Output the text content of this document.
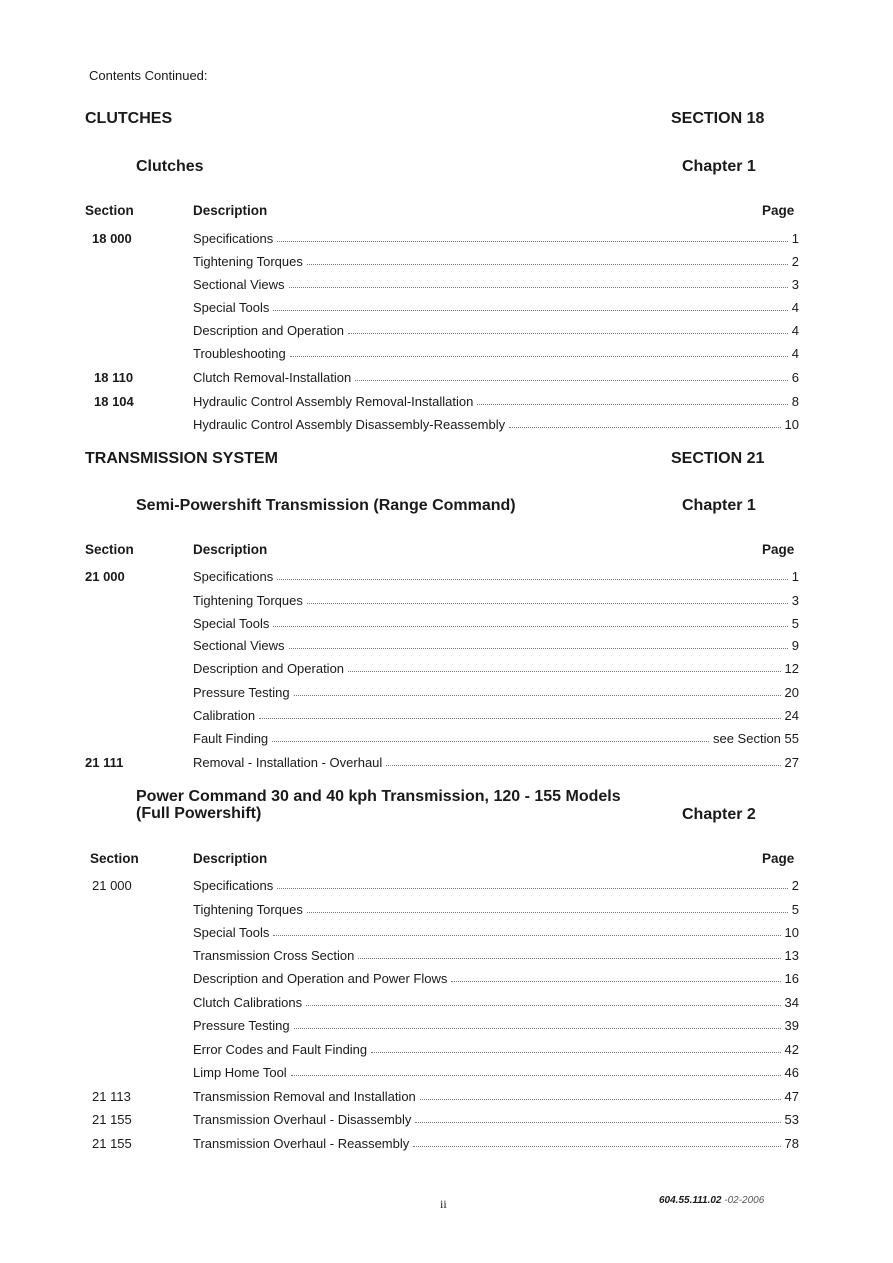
Contents Continued:
CLUTCHES	SECTION 18
Clutches	Chapter 1
Section	Description	Page
18 000	Specifications	1
Tightening Torques	2
Sectional Views	3
Special Tools	4
Description and Operation	4
Troubleshooting	4
18 110	Clutch Removal-Installation	6
18 104	Hydraulic Control Assembly Removal-Installation	8
Hydraulic Control Assembly Disassembly-Reassembly	10
TRANSMISSION SYSTEM	SECTION 21
Semi-Powershift Transmission (Range Command)	Chapter 1
Section	Description	Page
21 000	Specifications	1
Tightening Torques	3
Special Tools	5
Sectional Views	9
Description and Operation	12
Pressure Testing	20
Calibration	24
Fault Finding	see Section 55
21 111	Removal - Installation - Overhaul	27
Power Command 30 and 40 kph Transmission, 120 - 155 Models
(Full Powershift)	Chapter 2
Section	Description	Page
21 000	Specifications	2
Tightening Torques	5
Special Tools	10
Transmission Cross Section	13
Description and Operation and Power Flows	16
Clutch Calibrations	34
Pressure Testing	39
Error Codes and Fault Finding	42
Limp Home Tool	46
21 113	Transmission Removal and Installation	47
21 155	Transmission Overhaul - Disassembly	53
21 155	Transmission Overhaul - Reassembly	78
ii	604.55.111.02 -02-2006
